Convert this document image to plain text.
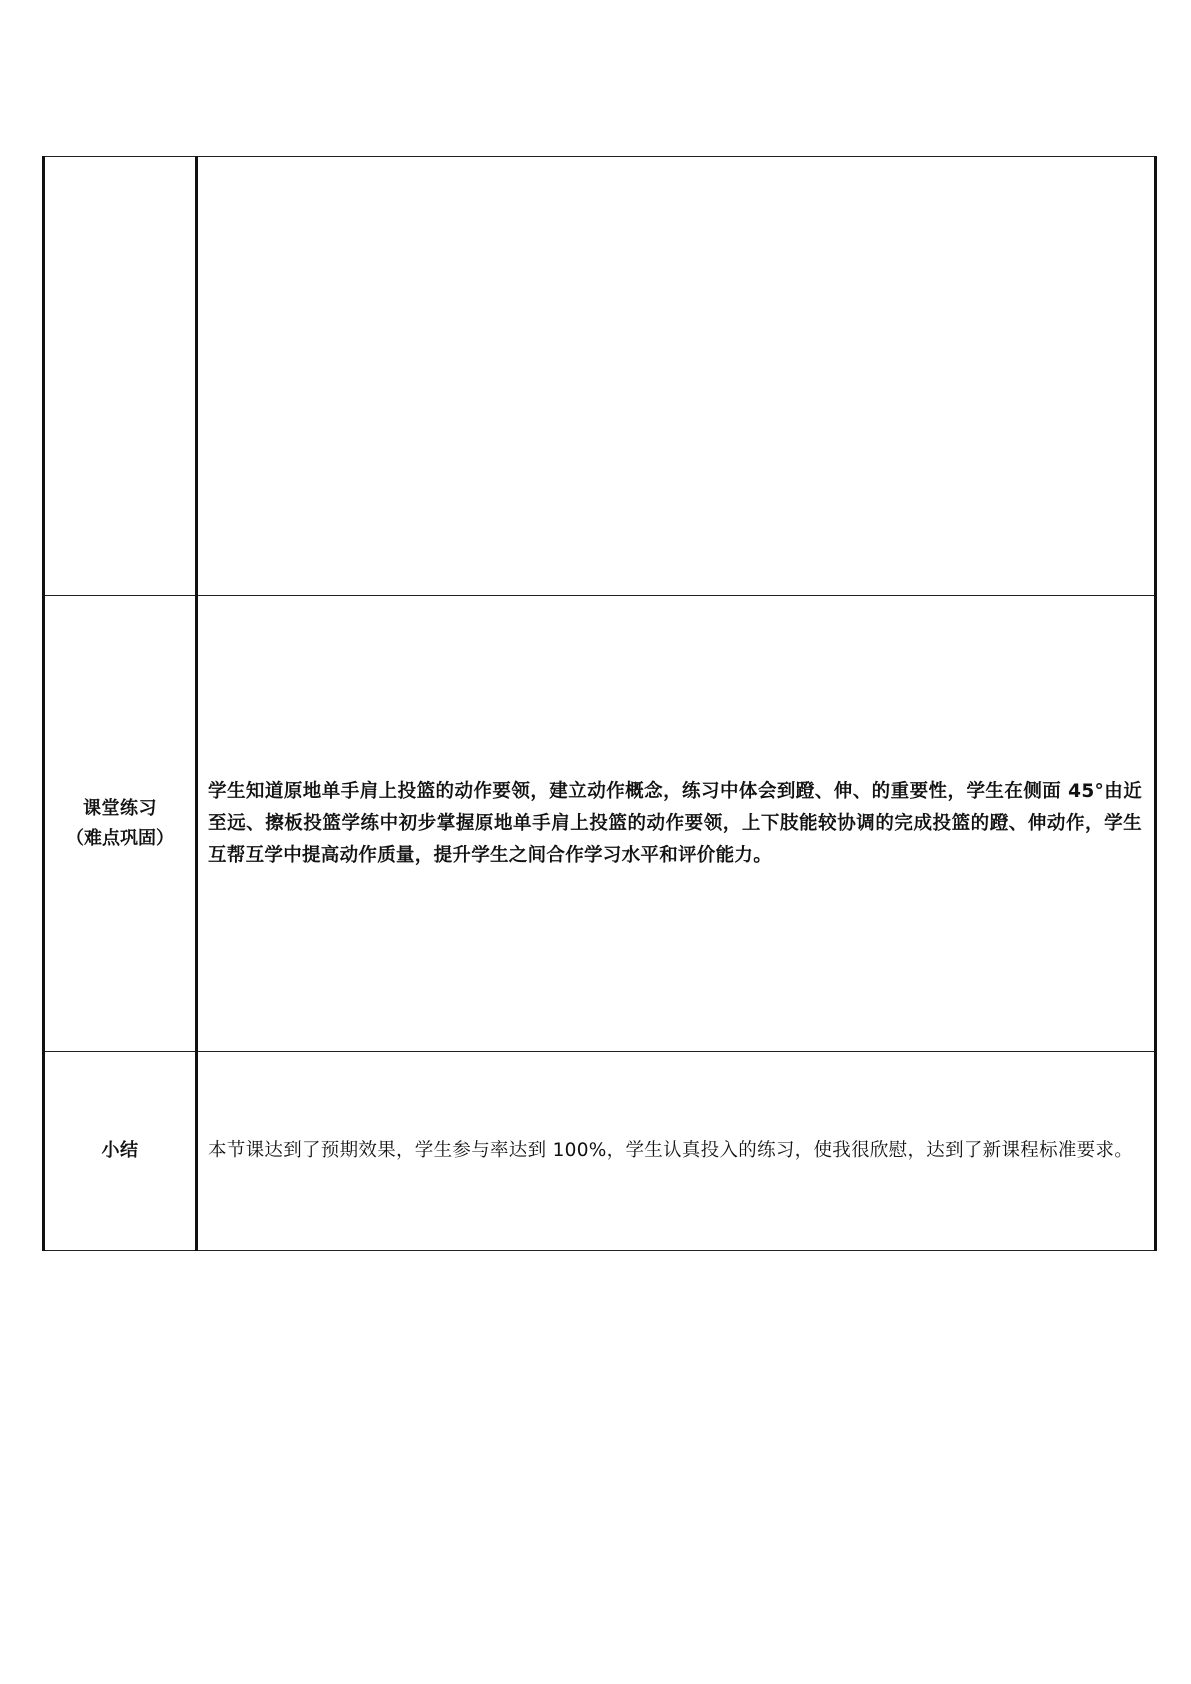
课堂练习
（难点巩固）	学生知道原地单手肩上投篮的动作要领，建立动作概念，练习中体会到蹬、伸、的重要性，学生在侧面 45°由近至远、擦板投篮学练中初步掌握原地单手肩上投篮的动作要领，上下肢能较协调的完成投篮的蹬、伸动作，学生互帮互学中提高动作质量，提升学生之间合作学习水平和评价能力。

小结	本节课达到了预期效果，学生参与率达到 100%，学生认真投入的练习，使我很欣慰，达到了新课程标准要求。
